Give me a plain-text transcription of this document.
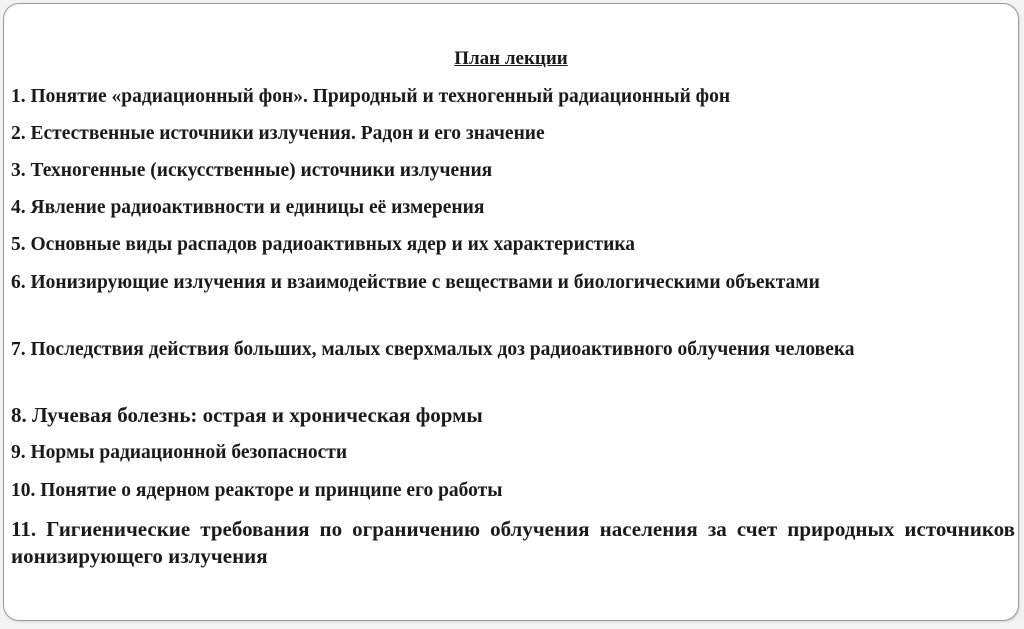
План лекции
1. Понятие «радиационный фон». Природный и техногенный радиационный фон
2. Естественные источники излучения. Радон и его значение
3. Техногенные (искусственные) источники излучения
4. Явление радиоактивности и единицы её измерения
5. Основные виды распадов радиоактивных ядер и их характеристика
6. Ионизирующие излучения и взаимодействие с веществами и биологическими объектами
7. Последствия действия больших, малых сверхмалых доз радиоактивного облучения человека
8. Лучевая болезнь: острая и хроническая формы
9. Нормы радиационной безопасности
10. Понятие о ядерном реакторе и принципе его работы
11. Гигиенические требования по ограничению облучения населения за счет природных источников ионизирующего излучения
